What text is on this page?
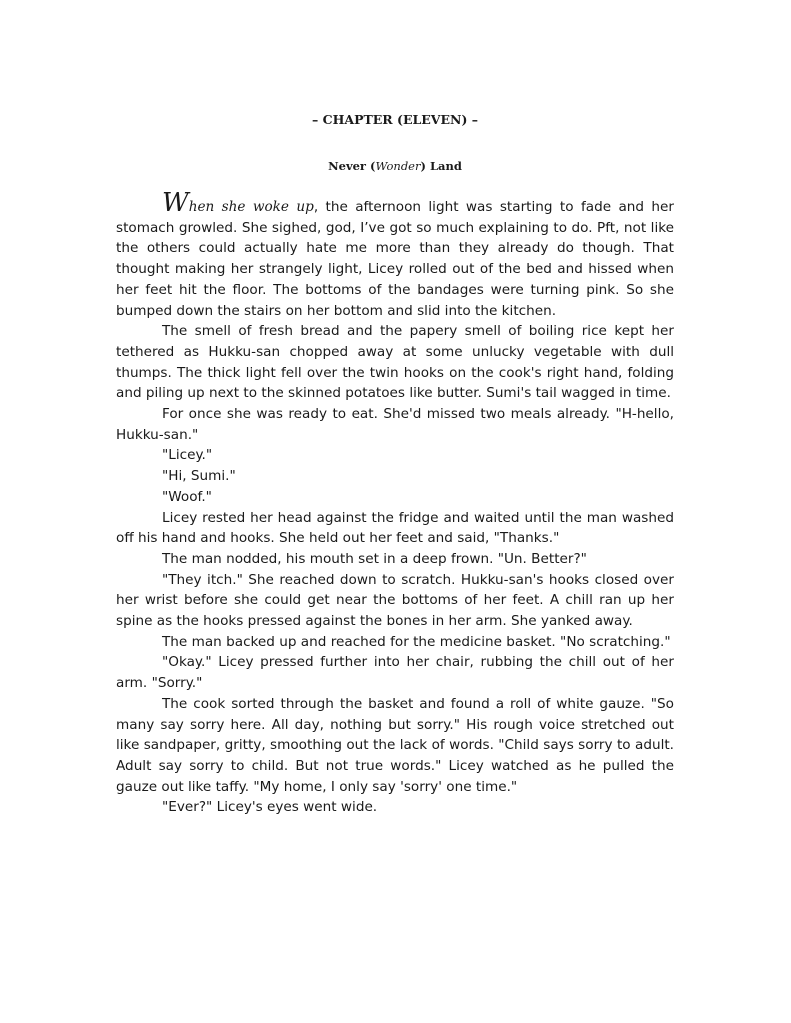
– CHAPTER (ELEVEN) –
Never (Wonder) Land

When she woke up, the afternoon light was starting to fade and her stomach growled. She sighed, god, I’ve got so much explaining to do. Pft, not like the others could actually hate me more than they already do though. That thought making her strangely light, Licey rolled out of the bed and hissed when her feet hit the floor. The bottoms of the bandages were turning pink. So she bumped down the stairs on her bottom and slid into the kitchen.

The smell of fresh bread and the papery smell of boiling rice kept her tethered as Hukku-san chopped away at some unlucky vegetable with dull thumps. The thick light fell over the twin hooks on the cook's right hand, folding and piling up next to the skinned potatoes like butter. Sumi's tail wagged in time.

For once she was ready to eat. She'd missed two meals already. "H-hello, Hukku-san."

"Licey."

"Hi, Sumi."

"Woof."

Licey rested her head against the fridge and waited until the man washed off his hand and hooks. She held out her feet and said, "Thanks."

The man nodded, his mouth set in a deep frown. "Un. Better?"

"They itch." She reached down to scratch. Hukku-san's hooks closed over her wrist before she could get near the bottoms of her feet. A chill ran up her spine as the hooks pressed against the bones in her arm. She yanked away.

The man backed up and reached for the medicine basket. "No scratching."

"Okay." Licey pressed further into her chair, rubbing the chill out of her arm. "Sorry."

The cook sorted through the basket and found a roll of white gauze. "So many say sorry here. All day, nothing but sorry." His rough voice stretched out like sandpaper, gritty, smoothing out the lack of words. "Child says sorry to adult. Adult say sorry to child. But not true words." Licey watched as he pulled the gauze out like taffy. "My home, I only say 'sorry' one time."

"Ever?" Licey's eyes went wide.
